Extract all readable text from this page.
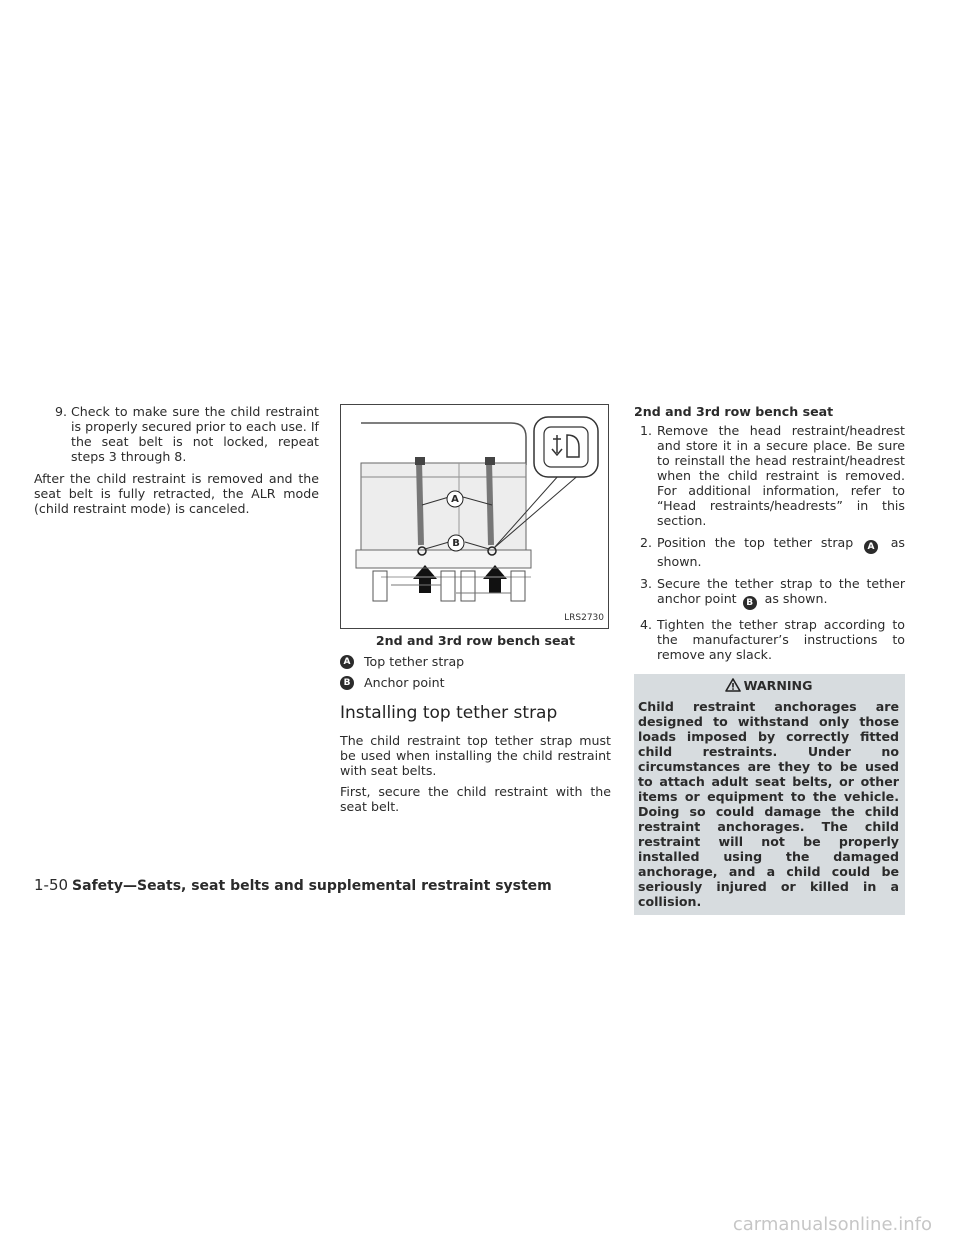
9. Check to make sure the child restraint is properly secured prior to each use. If the seat belt is not locked, repeat steps 3 through 8.

After the child restraint is removed and the seat belt is fully retracted, the ALR mode (child restraint mode) is canceled.

A
B
LRS2730
2nd and 3rd row bench seat
A Top tether strap
B Anchor point
Installing top tether strap

The child restraint top tether strap must be used when installing the child restraint with seat belts.

First, secure the child restraint with the seat belt.

2nd and 3rd row bench seat
1. Remove the head restraint/headrest and store it in a secure place. Be sure to reinstall the head restraint/headrest when the child restraint is removed. For additional information, refer to “Head restraints/headrests” in this section.
2. Position the top tether strap A as shown.
3. Secure the tether strap to the tether anchor point B as shown.
4. Tighten the tether strap according to the manufacturer’s instructions to remove any slack.
WARNING
Child restraint anchorages are designed to withstand only those loads imposed by correctly fitted child restraints. Under no circumstances are they to be used to attach adult seat belts, or other items or equipment to the vehicle. Doing so could damage the child restraint anchorages. The child restraint will not be properly installed using the damaged anchorage, and a child could be seriously injured or killed in a collision.
1-50 Safety—Seats, seat belts and supplemental restraint system
carmanualsonline.info
